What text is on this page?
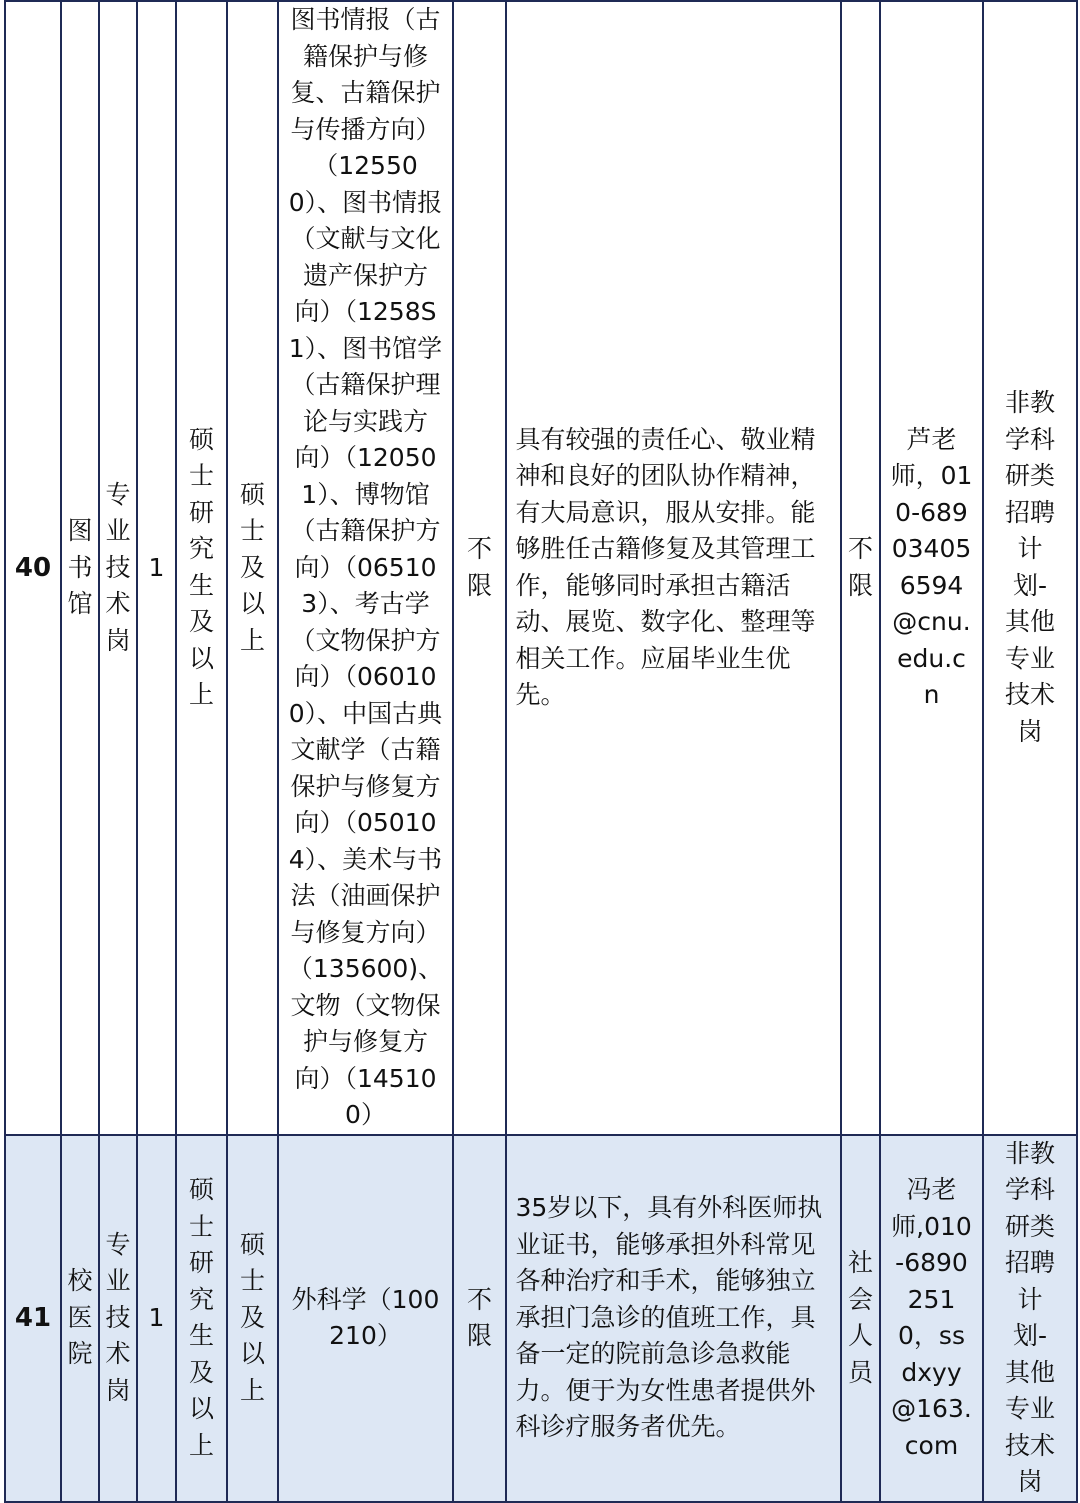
40	图书馆	专业技术岗	1	硕士研究生及以上	硕士及以上	图书情报（古籍保护与修复、古籍保护与传播方向）（125500）、图书情报（文献与文化遗产保护方向）（1258S1）、图书馆学（古籍保护理论与实践方向）（120501）、博物馆（古籍保护方向）（065103）、考古学（文物保护方向）（060100）、中国古典文献学（古籍保护与修复方向）（050104）、美术与书法（油画保护与修复方向）（135600)、文物（文物保护与修复方向）（145100）	不限	具有较强的责任心、敬业精神和良好的团队协作精神，有大局意识，服从安排。能够胜任古籍修复及其管理工作，能够同时承担古籍活动、展览、数字化、整理等相关工作。应届毕业生优先。	不限	芦老师，010-68903405 6594@cnu.edu.cn	非教学科研类招聘计划-其他专业技术岗

41	校医院	专业技术岗	1	硕士研究生及以上	硕士及以上	外科学（100210）	不限	35岁以下，具有外科医师执业证书，能够承担外科常见各种治疗和手术，能够独立承担门急诊的值班工作，具备一定的院前急诊急救能力。便于为女性患者提供外科诊疗服务者优先。	社会人员	冯老师,010-68902510，ssdxyy@163.com	非教学科研类招聘计划-其他专业技术岗
